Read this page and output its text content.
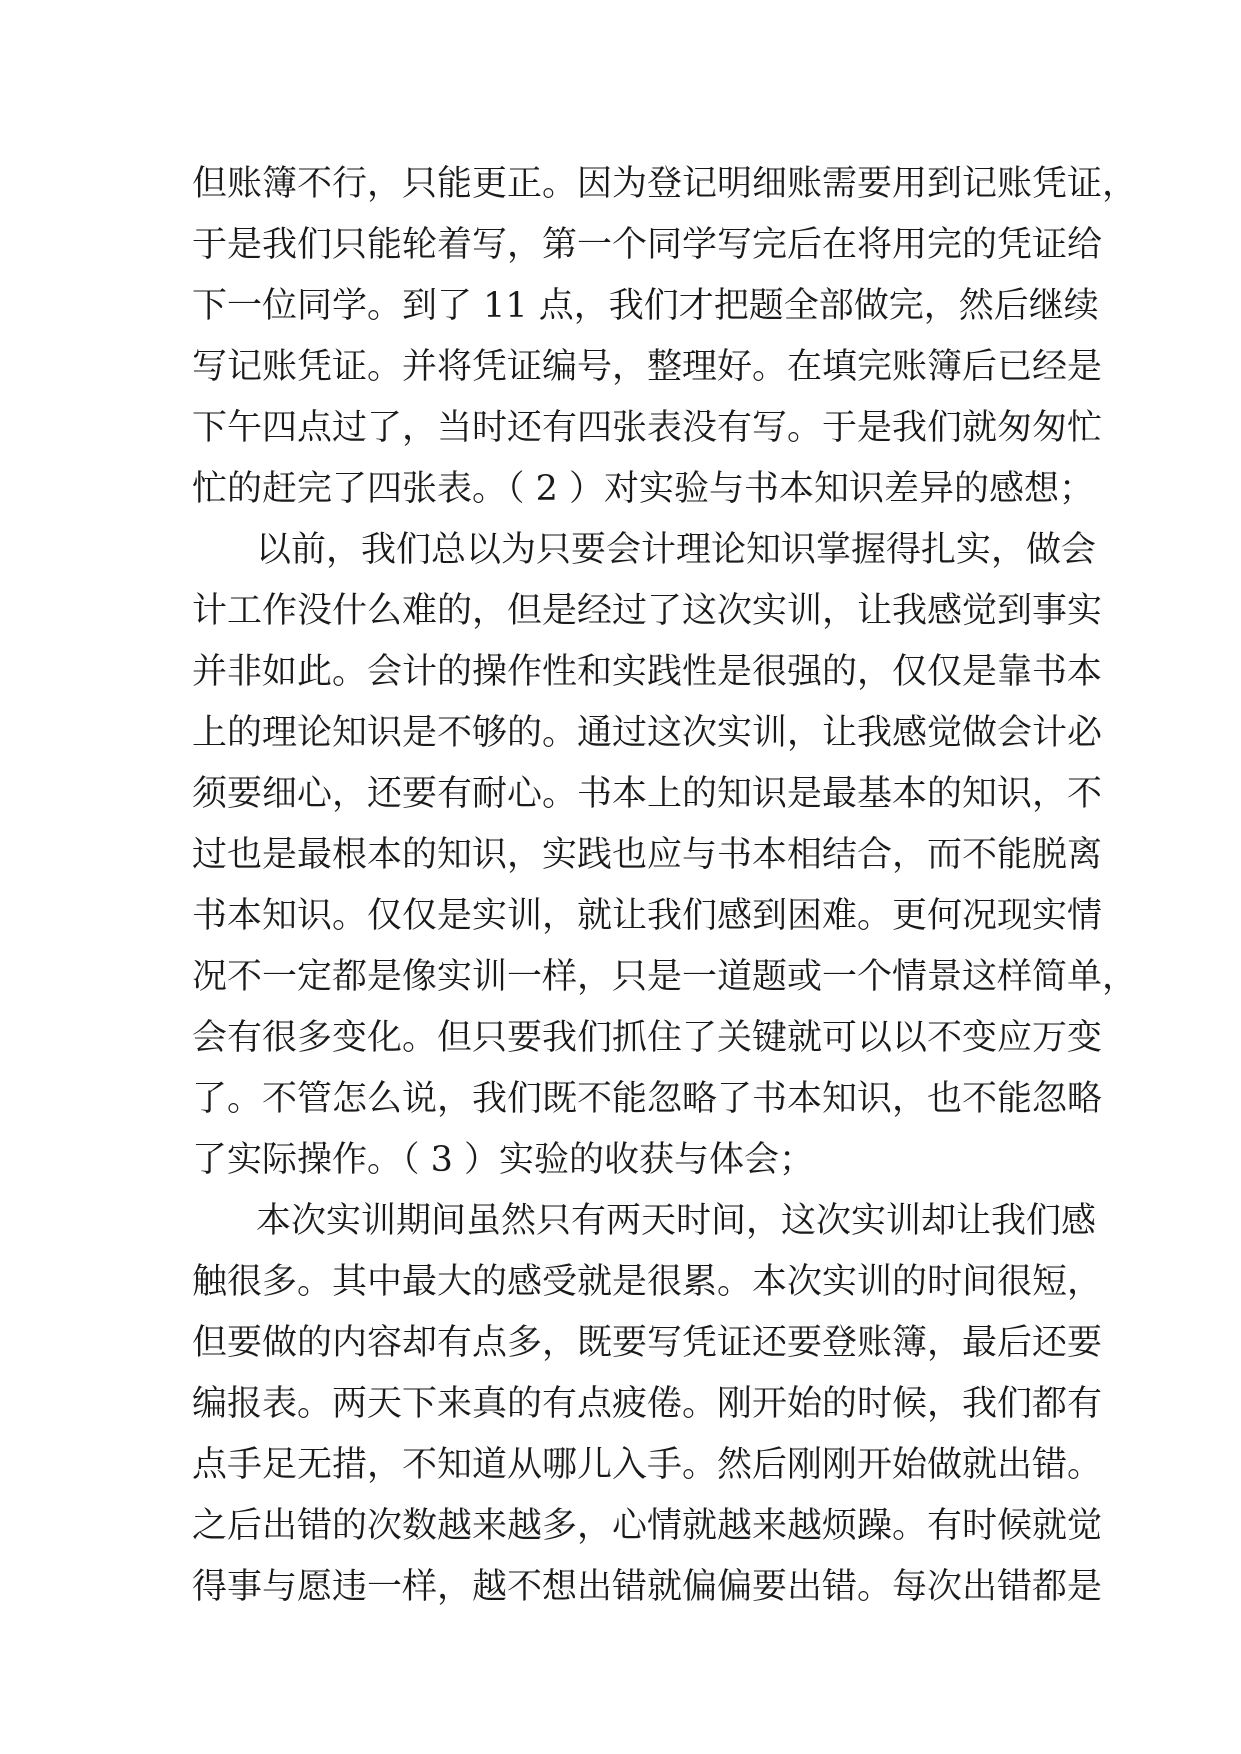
但账簿不行，只能更正。因为登记明细账需要用到记账凭证，
于是我们只能轮着写，第一个同学写完后在将用完的凭证给
下一位同学。到了 11 点，我们才把题全部做完，然后继续
写记账凭证。并将凭证编号，整理好。在填完账簿后已经是
下午四点过了，当时还有四张表没有写。于是我们就匆匆忙
忙的赶完了四张表。（ 2 ）对实验与书本知识差异的感想；
以前，我们总以为只要会计理论知识掌握得扎实，做会
计工作没什么难的，但是经过了这次实训，让我感觉到事实
并非如此。会计的操作性和实践性是很强的，仅仅是靠书本
上的理论知识是不够的。通过这次实训，让我感觉做会计必
须要细心，还要有耐心。书本上的知识是最基本的知识，不
过也是最根本的知识，实践也应与书本相结合，而不能脱离
书本知识。仅仅是实训，就让我们感到困难。更何况现实情
况不一定都是像实训一样，只是一道题或一个情景这样简单，
会有很多变化。但只要我们抓住了关键就可以以不变应万变
了。不管怎么说，我们既不能忽略了书本知识，也不能忽略
了实际操作。（ 3 ）实验的收获与体会；
本次实训期间虽然只有两天时间，这次实训却让我们感
触很多。其中最大的感受就是很累。本次实训的时间很短，
但要做的内容却有点多，既要写凭证还要登账簿，最后还要
编报表。两天下来真的有点疲倦。刚开始的时候，我们都有
点手足无措，不知道从哪儿入手。然后刚刚开始做就出错。
之后出错的次数越来越多，心情就越来越烦躁。有时候就觉
得事与愿违一样，越不想出错就偏偏要出错。每次出错都是
